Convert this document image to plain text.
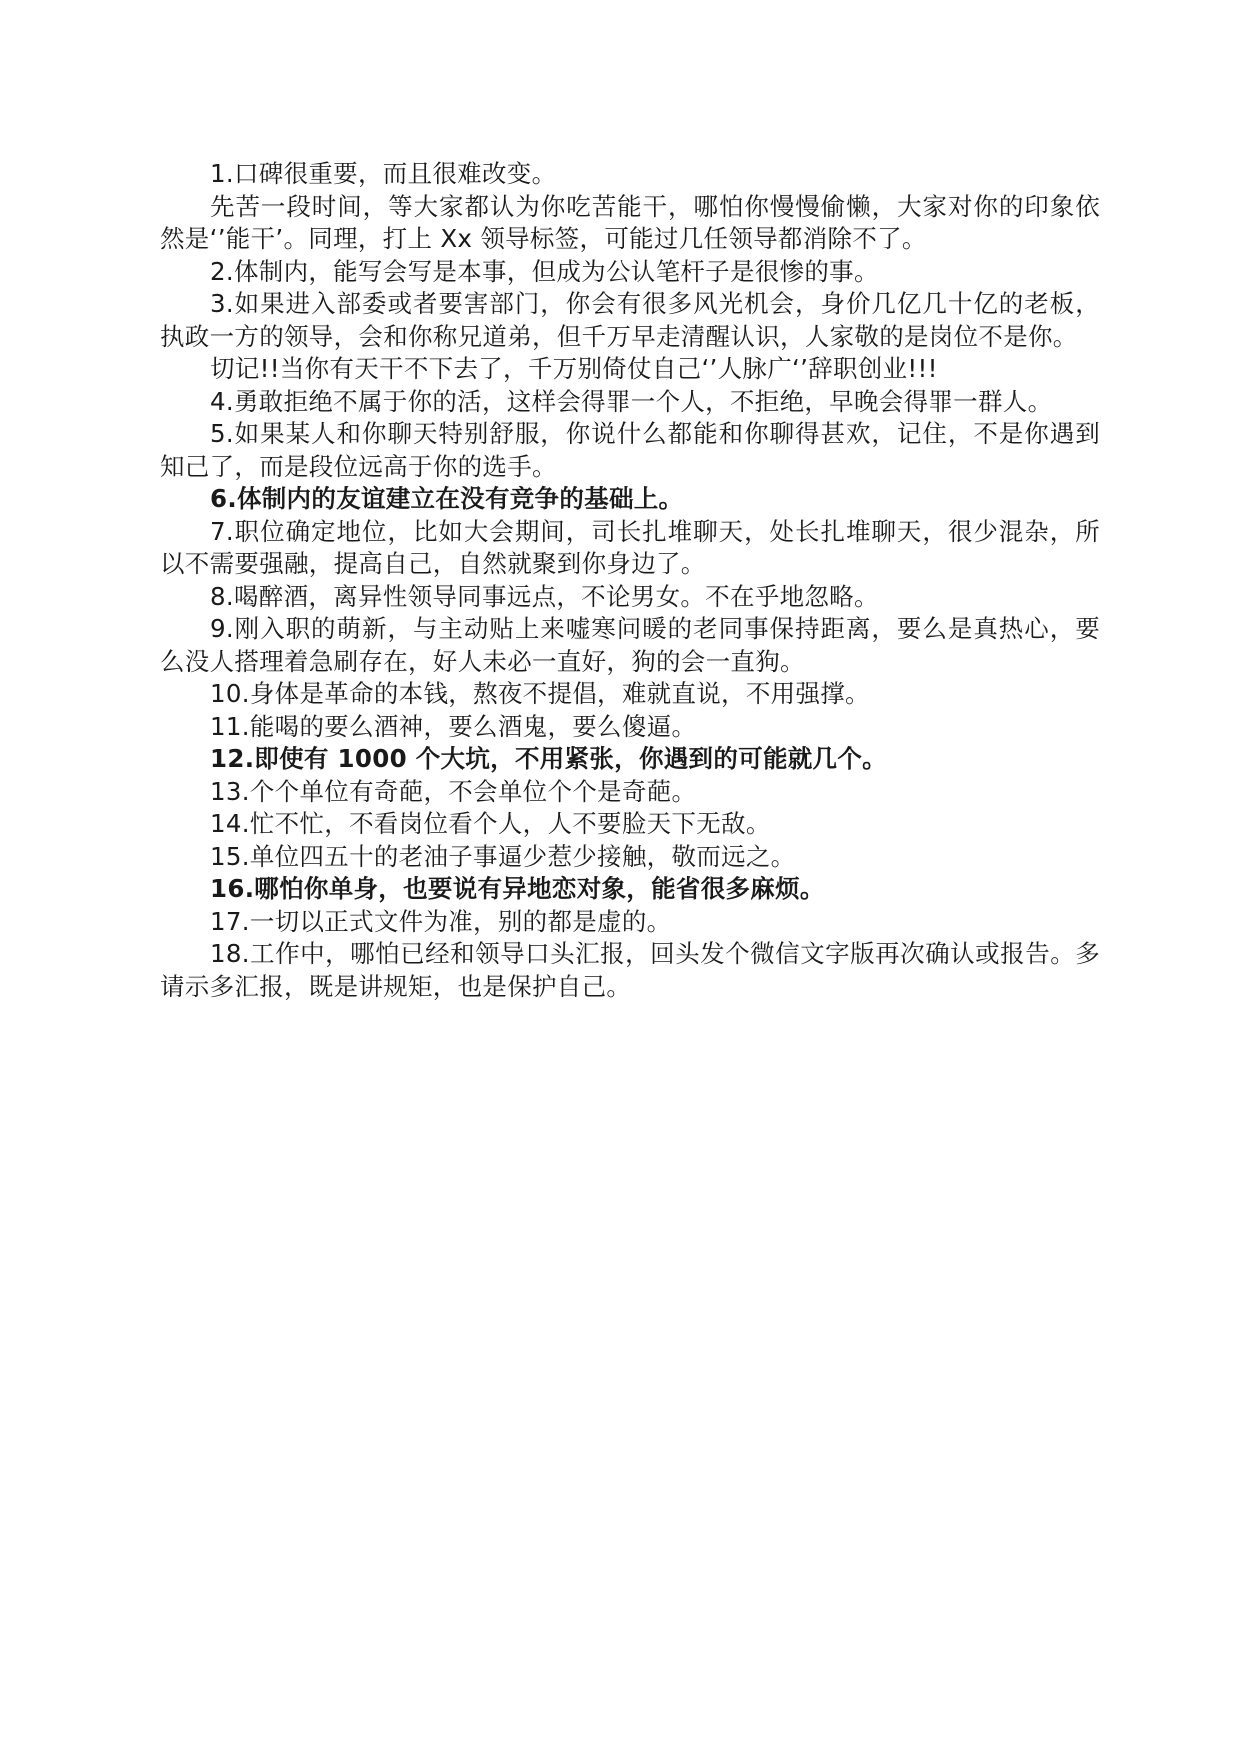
1.口碑很重要，而且很难改变。

先苦一段时间，等大家都认为你吃苦能干，哪怕你慢慢偷懒，大家对你的印象依然是‘’能干’。同理，打上 Xx 领导标签，可能过几任领导都消除不了。

2.体制内，能写会写是本事，但成为公认笔杆子是很惨的事。

3.如果进入部委或者要害部门，你会有很多风光机会，身价几亿几十亿的老板，执政一方的领导，会和你称兄道弟，但千万早走清醒认识，人家敬的是岗位不是你。

切记!!当你有天干不下去了，千万别倚仗自己‘’人脉广‘’辞职创业!!!

4.勇敢拒绝不属于你的活，这样会得罪一个人，不拒绝，早晚会得罪一群人。

5.如果某人和你聊天特别舒服，你说什么都能和你聊得甚欢，记住，不是你遇到知己了，而是段位远高于你的选手。

6.体制内的友谊建立在没有竞争的基础上。

7.职位确定地位，比如大会期间，司长扎堆聊天，处长扎堆聊天，很少混杂，所以不需要强融，提高自己，自然就聚到你身边了。

8.喝醉酒，离异性领导同事远点，不论男女。不在乎地忽略。

9.刚入职的萌新，与主动贴上来嘘寒问暖的老同事保持距离，要么是真热心，要么没人搭理着急刷存在，好人未必一直好，狗的会一直狗。

10.身体是革命的本钱，熬夜不提倡，难就直说，不用强撑。

11.能喝的要么酒神，要么酒鬼，要么傻逼。

12.即使有 1000 个大坑，不用紧张，你遇到的可能就几个。

13.个个单位有奇葩，不会单位个个是奇葩。

14.忙不忙，不看岗位看个人，人不要脸天下无敌。

15.单位四五十的老油子事逼少惹少接触，敬而远之。

16.哪怕你单身，也要说有异地恋对象，能省很多麻烦。

17.一切以正式文件为准，别的都是虚的。

18.工作中，哪怕已经和领导口头汇报，回头发个微信文字版再次确认或报告。多请示多汇报，既是讲规矩，也是保护自己。
